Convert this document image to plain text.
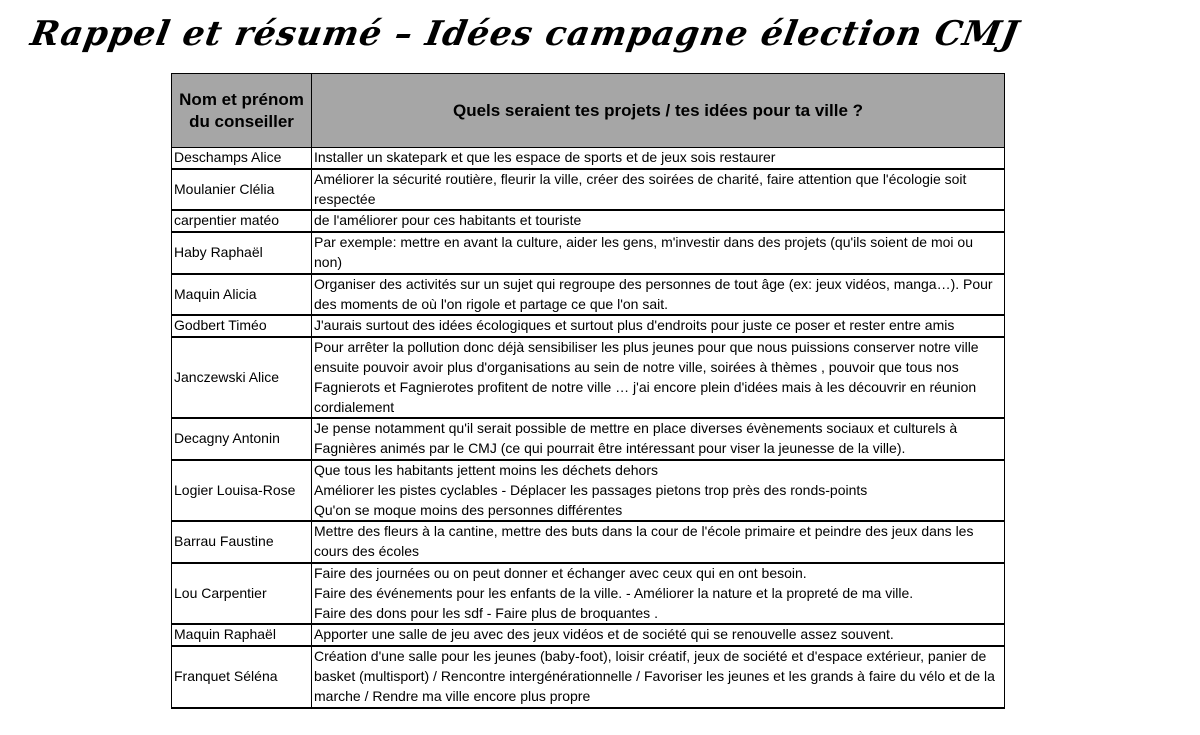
Rappel et résumé – Idées campagne élection CMJ
Nom et prénom du conseiller	Quels seraient tes projets / tes idées pour ta ville ?
Deschamps Alice	Installer un skatepark et que les espace de sports et de jeux sois restaurer

Moulanier Clélia	Améliorer la sécurité routière, fleurir la ville, créer des soirées de charité, faire attention que l'écologie soit respectée

carpentier matéo	de l'améliorer pour ces habitants et touriste

Haby Raphaël	Par exemple: mettre en avant la culture, aider les gens, m'investir dans des projets (qu'ils soient de moi ou non)

Maquin Alicia	Organiser des activités sur un sujet qui regroupe des personnes de tout âge (ex: jeux vidéos, manga…). Pour des moments de où l'on rigole et partage ce que l'on sait.

Godbert Timéo	J'aurais surtout des idées écologiques et surtout plus d'endroits pour juste ce poser et rester entre amis

Janczewski Alice	Pour arrêter la pollution donc déjà sensibiliser les plus jeunes pour que nous puissions conserver notre ville ensuite pouvoir avoir plus d'organisations au sein de notre ville, soirées à thèmes , pouvoir que tous nos Fagnierots et Fagnierotes profitent de notre ville … j'ai encore plein d'idées mais à les découvrir en réunion cordialement

Decagny Antonin	Je pense notamment qu'il serait possible de mettre en place diverses évènements sociaux et culturels à Fagnières animés par le CMJ (ce qui pourrait être intéressant pour viser la jeunesse de la ville).

Logier Louisa-Rose	Que tous les habitants jettent moins les déchets dehors
Améliorer les pistes cyclables - Déplacer les passages pietons trop près des ronds-points
Qu'on se moque moins des personnes différentes

Barrau Faustine	Mettre des fleurs à la cantine, mettre des buts dans la cour de l'école primaire et peindre des jeux dans les cours des écoles

Lou Carpentier	Faire des journées ou on peut donner et échanger avec ceux qui en ont besoin.
Faire des événements pour les enfants de la ville. - Améliorer la nature et la propreté de ma ville.
Faire des dons pour les sdf - Faire plus de broquantes .

Maquin Raphaël	Apporter une salle de jeu avec des jeux vidéos et de société qui se renouvelle assez souvent.

Franquet Séléna	Création d'une salle pour les jeunes (baby-foot), loisir créatif, jeux de société et d'espace extérieur, panier de basket (multisport) / Rencontre intergénérationnelle / Favoriser les jeunes et les grands à faire du vélo et de la marche / Rendre ma ville encore plus propre
